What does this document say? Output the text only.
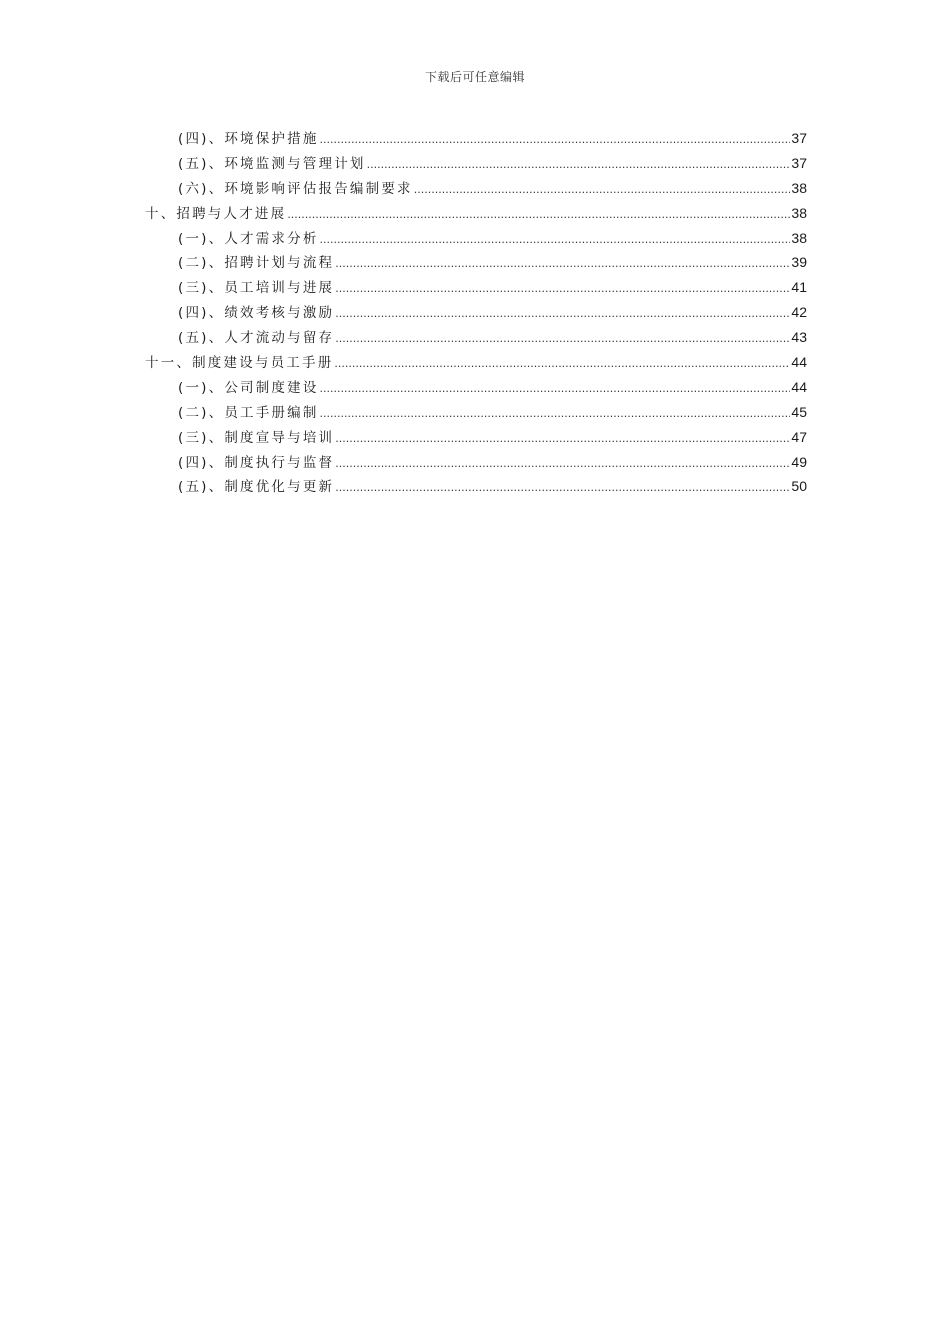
下载后可任意编辑
(四)、环境保护措施 .....	37
(五)、环境监测与管理计划 .....	37
(六)、环境影响评估报告编制要求 .....	38
十、招聘与人才进展 .....	38
(一)、人才需求分析 .....	38
(二)、招聘计划与流程 .....	39
(三)、员工培训与进展 .....	41
(四)、绩效考核与激励 .....	42
(五)、人才流动与留存 .....	43
十一、制度建设与员工手册 .....	44
(一)、公司制度建设 .....	44
(二)、员工手册编制 .....	45
(三)、制度宣导与培训 .....	47
(四)、制度执行与监督 .....	49
(五)、制度优化与更新 .....	50
